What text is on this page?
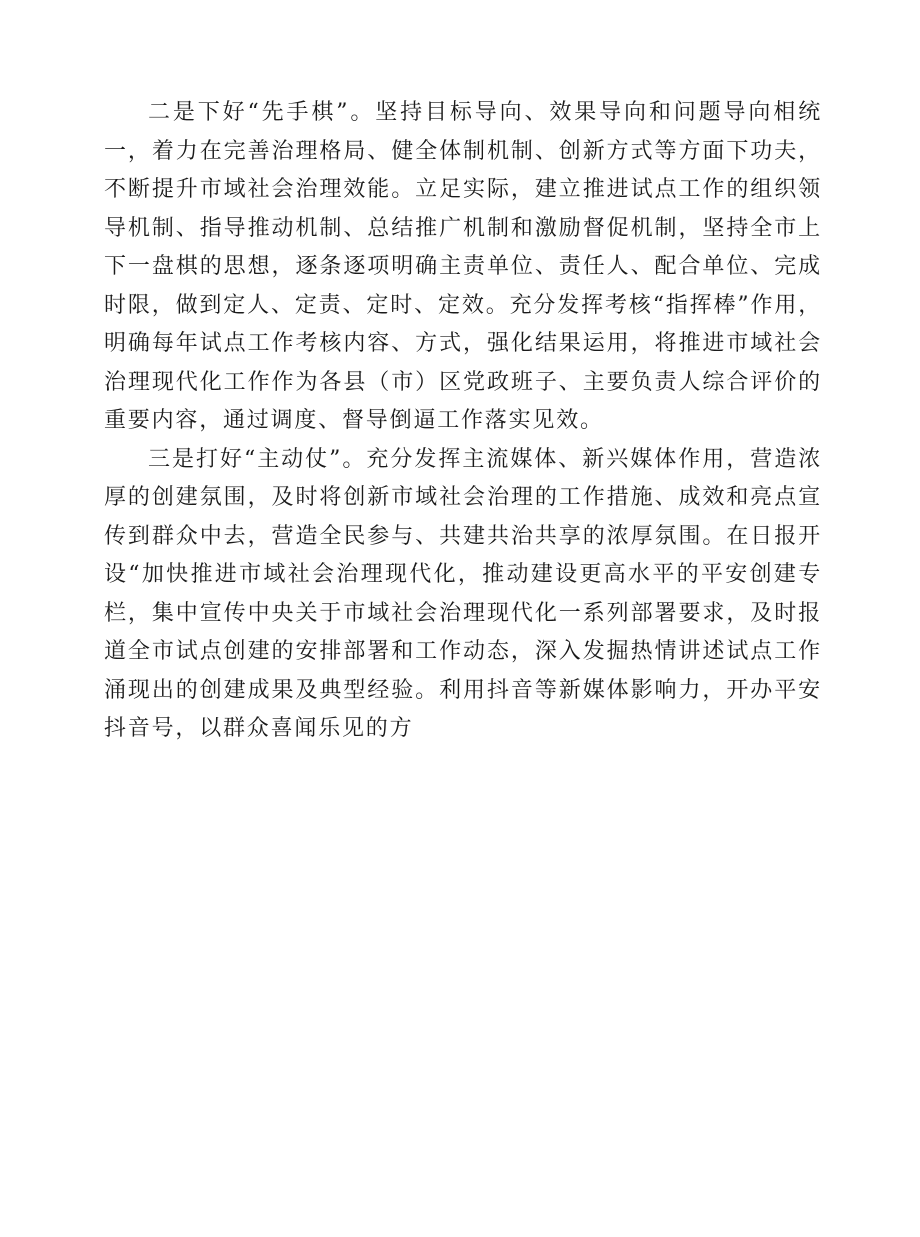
二是下好“先手棋”。坚持目标导向、效果导向和问题导向相统一，着力在完善治理格局、健全体制机制、创新方式等方面下功夫，不断提升市域社会治理效能。立足实际，建立推进试点工作的组织领导机制、指导推动机制、总结推广机制和激励督促机制，坚持全市上下一盘棋的思想，逐条逐项明确主责单位、责任人、配合单位、完成时限，做到定人、定责、定时、定效。充分发挥考核“指挥棒”作用，明确每年试点工作考核内容、方式，强化结果运用，将推进市域社会治理现代化工作作为各县（市）区党政班子、主要负责人综合评价的重要内容，通过调度、督导倒逼工作落实见效。

三是打好“主动仗”。充分发挥主流媒体、新兴媒体作用，营造浓厚的创建氛围，及时将创新市域社会治理的工作措施、成效和亮点宣传到群众中去，营造全民参与、共建共治共享的浓厚氛围。在日报开设“加快推进市域社会治理现代化，推动建设更高水平的平安创建专栏，集中宣传中央关于市域社会治理现代化一系列部署要求，及时报道全市试点创建的安排部署和工作动态，深入发掘热情讲述试点工作涌现出的创建成果及典型经验。利用抖音等新媒体影响力，开办平安抖音号，以群众喜闻乐见的方
